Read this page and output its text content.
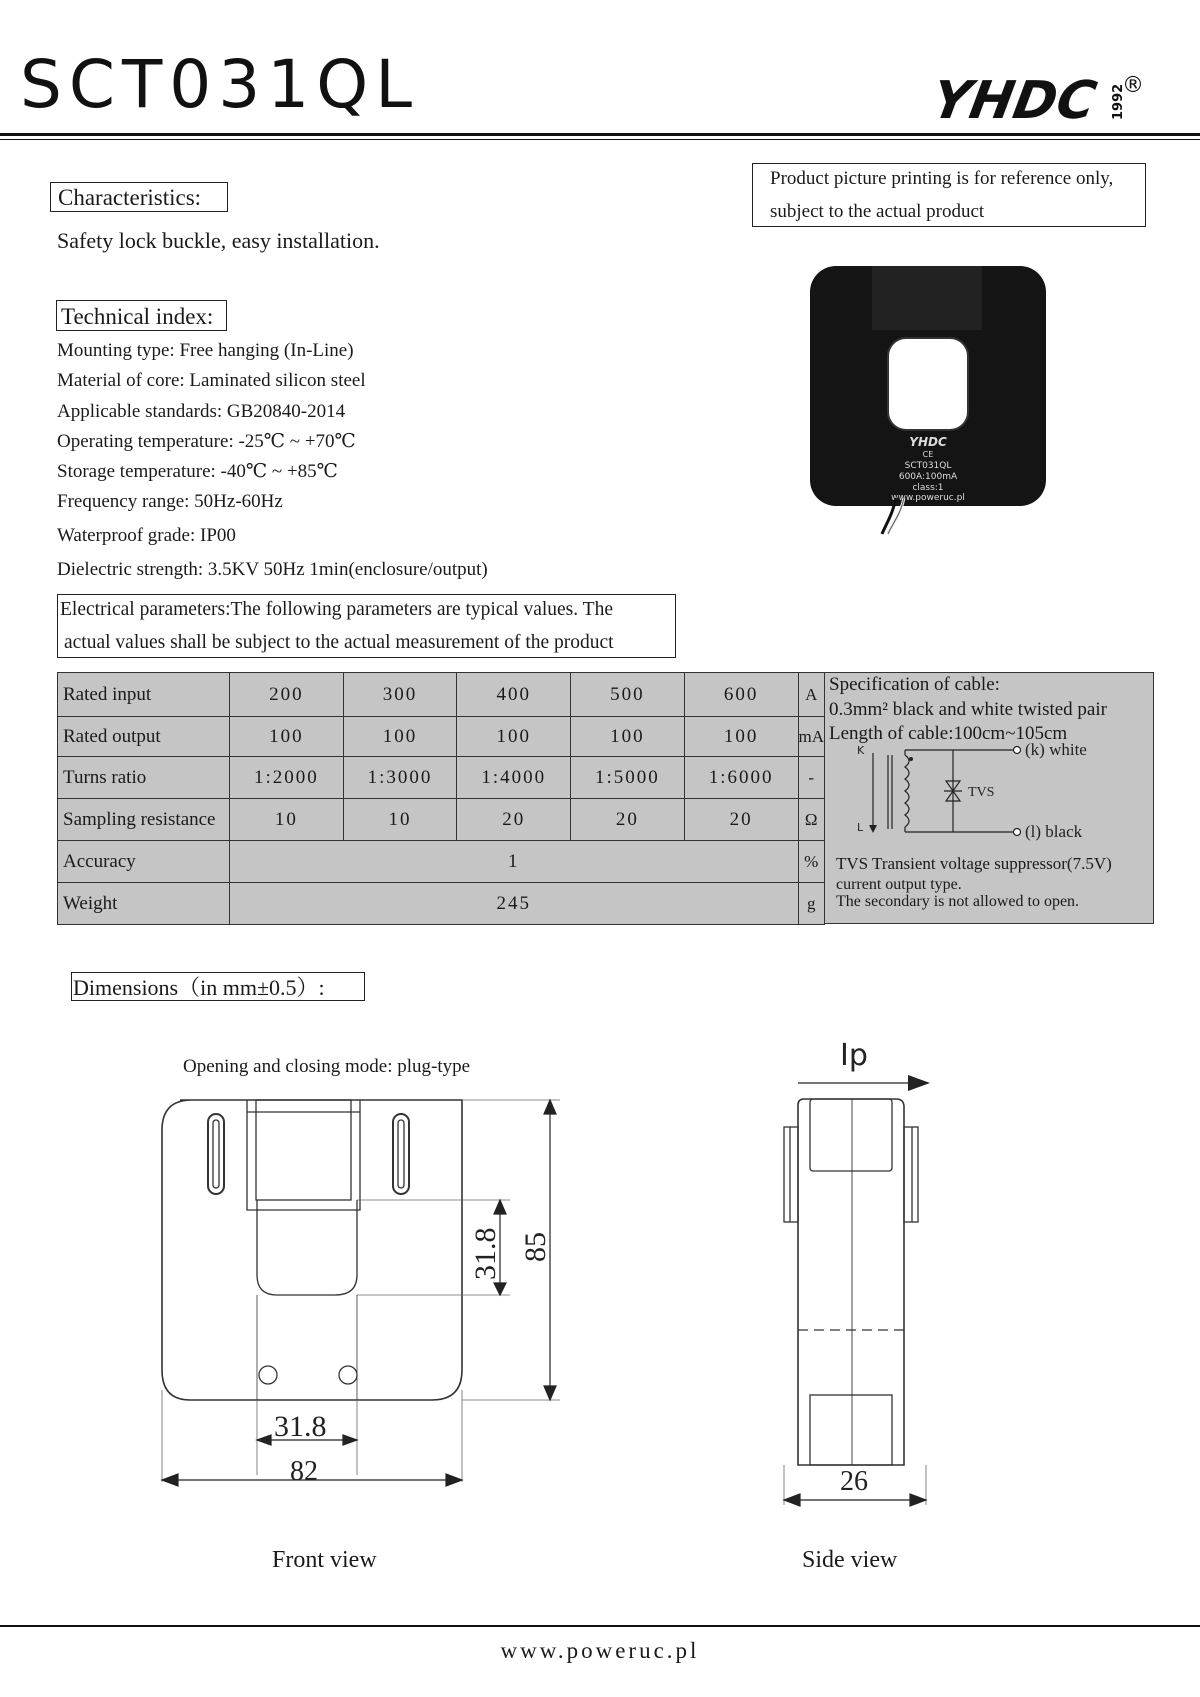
SCT031QL	YHDC 1992
®
Product picture printing is for reference only,
subject to the actual product
Characteristics:
Safety lock buckle, easy installation.
Technical index:
Mounting type: Free hanging (In-Line)
Material of core: Laminated silicon steel
Applicable standards: GB20840-2014
Operating temperature: -25℃ ~ +70℃
Storage temperature: -40℃ ~ +85℃
Frequency range: 50Hz-60Hz
Waterproof grade: IP00
Dielectric strength: 3.5KV 50Hz 1min(enclosure/output)
YHDC
CE
SCT031QL
600A:100mA
class:1
www.poweruc.pl
Electrical parameters:The following parameters are typical values. The
actual values shall be subject to the actual measurement of the product
Rated input	200	300	400	500	600	A
Rated output	100	100	100	100	100	mA
Turns ratio	1:2000	1:3000	1:4000	1:5000	1:6000	-
Sampling resistance	10	10	20	20	20	Ω
Accuracy	1					%
Weight	245					g
Specification of cable:
0.3mm² black and white twisted pair
Length of cable:100cm~105cm
K
L
TVS
(k) white
(l) black
TVS Transient voltage suppressor(7.5V)
current output type.
The secondary is not allowed to open.
Dimensions（in mm±0.5）:
Opening and closing mode: plug-type
31.8 85
31.8
82
Ip
26
Front view	Side view
www.poweruc.pl
